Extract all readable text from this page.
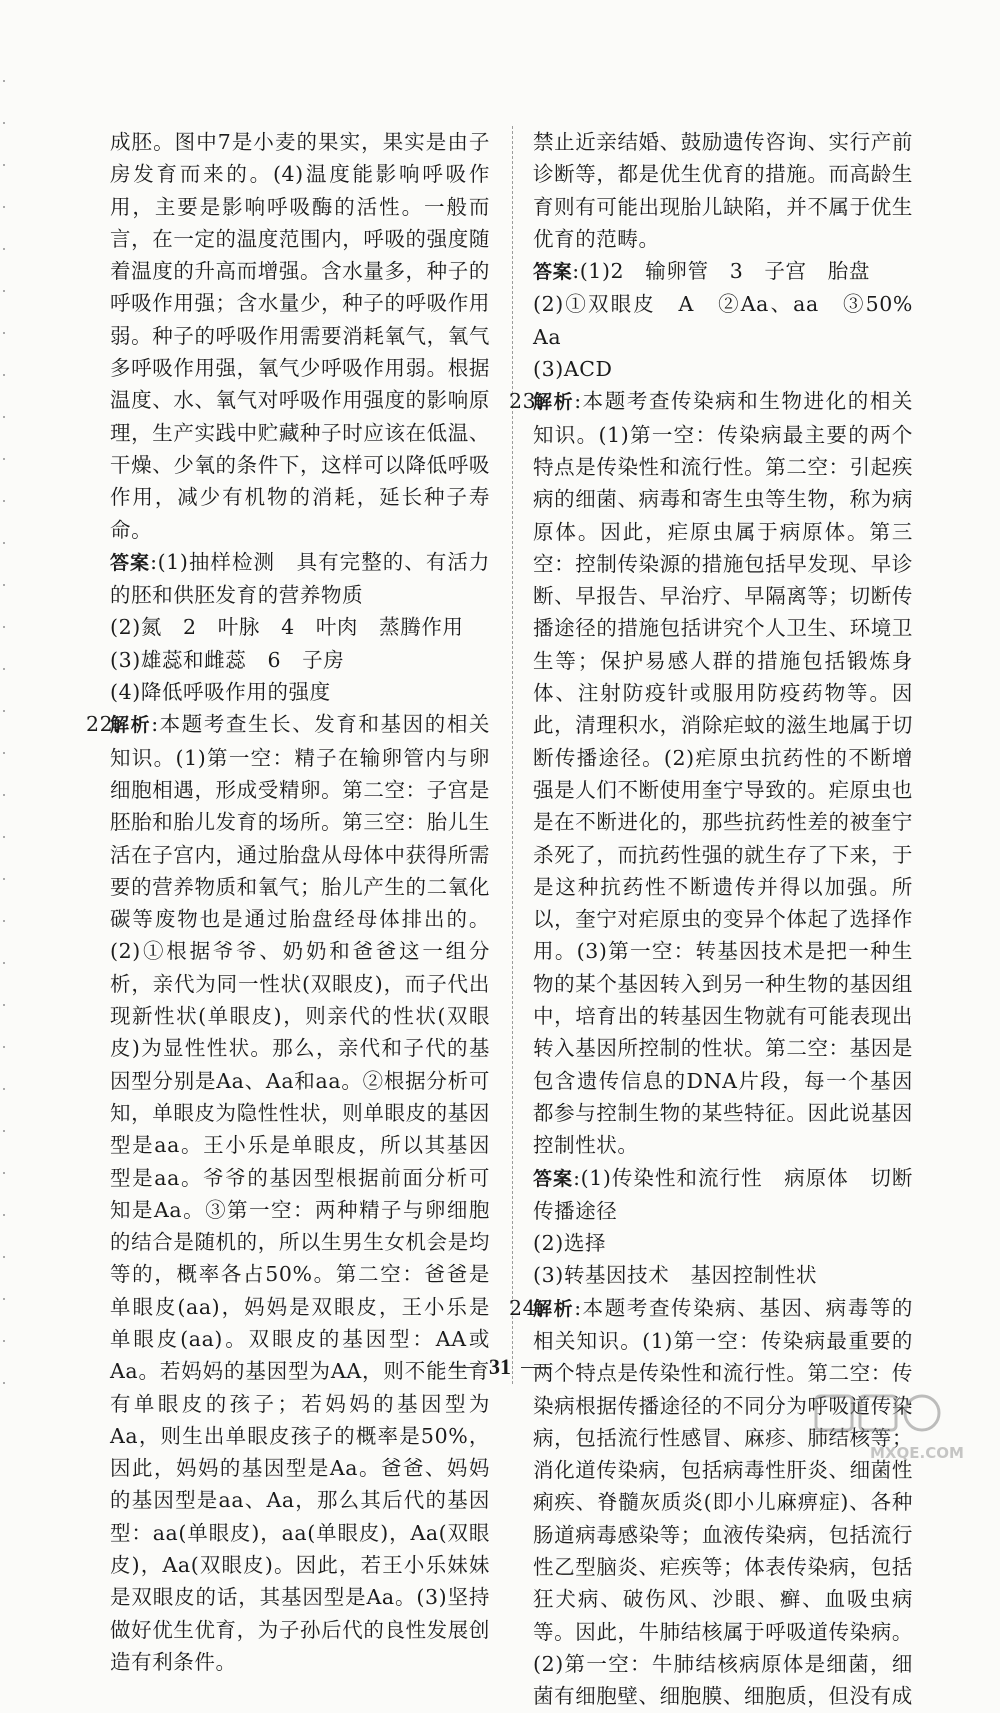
成胚。图中7是小麦的果实，果实是由子房发育而来的。(4)温度能影响呼吸作用，主要是影响呼吸酶的活性。一般而言，在一定的温度范围内，呼吸的强度随着温度的升高而增强。含水量多，种子的呼吸作用强；含水量少，种子的呼吸作用弱。种子的呼吸作用需要消耗氧气，氧气多呼吸作用强，氧气少呼吸作用弱。根据温度、水、氧气对呼吸作用强度的影响原理，生产实践中贮藏种子时应该在低温、干燥、少氧的条件下，这样可以降低呼吸作用，减少有机物的消耗，延长种子寿命。

答案:(1)抽样检测　具有完整的、有活力的胚和供胚发育的营养物质

(2)氮　2　叶脉　4　叶肉　蒸腾作用

(3)雄蕊和雌蕊　6　子房

(4)降低呼吸作用的强度

22.

解析:本题考查生长、发育和基因的相关知识。(1)第一空：精子在输卵管内与卵细胞相遇，形成受精卵。第二空：子宫是胚胎和胎儿发育的场所。第三空：胎儿生活在子宫内，通过胎盘从母体中获得所需要的营养物质和氧气；胎儿产生的二氧化碳等废物也是通过胎盘经母体排出的。(2)①根据爷爷、奶奶和爸爸这一组分析，亲代为同一性状(双眼皮)，而子代出现新性状(单眼皮)，则亲代的性状(双眼皮)为显性性状。那么，亲代和子代的基因型分别是Aa、Aa和aa。②根据分析可知，单眼皮为隐性性状，则单眼皮的基因型是aa。王小乐是单眼皮，所以其基因型是aa。爷爷的基因型根据前面分析可知是Aa。③第一空：两种精子与卵细胞的结合是随机的，所以生男生女机会是均等的，概率各占50%。第二空：爸爸是单眼皮(aa)，妈妈是双眼皮，王小乐是单眼皮(aa)。双眼皮的基因型：AA或Aa。若妈妈的基因型为AA，则不能生育有单眼皮的孩子；若妈妈的基因型为Aa，则生出单眼皮孩子的概率是50%，因此，妈妈的基因型是Aa。爸爸、妈妈的基因型是aa、Aa，那么其后代的基因型：aa(单眼皮)，aa(单眼皮)，Aa(双眼皮)，Aa(双眼皮)。因此，若王小乐妹妹是双眼皮的话，其基因型是Aa。(3)坚持做好优生优育，为子孙后代的良性发展创造有利条件。

禁止近亲结婚、鼓励遗传咨询、实行产前诊断等，都是优生优育的措施。而高龄生育则有可能出现胎儿缺陷，并不属于优生优育的范畴。

答案:(1)2　输卵管　3　子宫　胎盘

(2)①双眼皮　A　②Aa、aa　③50%　Aa

(3)ACD

23.

解析:本题考查传染病和生物进化的相关知识。(1)第一空：传染病最主要的两个特点是传染性和流行性。第二空：引起疾病的细菌、病毒和寄生虫等生物，称为病原体。因此，疟原虫属于病原体。第三空：控制传染源的措施包括早发现、早诊断、早报告、早治疗、早隔离等；切断传播途径的措施包括讲究个人卫生、环境卫生等；保护易感人群的措施包括锻炼身体、注射防疫针或服用防疫药物等。因此，清理积水，消除疟蚊的滋生地属于切断传播途径。(2)疟原虫抗药性的不断增强是人们不断使用奎宁导致的。疟原虫也是在不断进化的，那些抗药性差的被奎宁杀死了，而抗药性强的就生存了下来，于是这种抗药性不断遗传并得以加强。所以，奎宁对疟原虫的变异个体起了选择作用。(3)第一空：转基因技术是把一种生物的某个基因转入到另一种生物的基因组中，培育出的转基因生物就有可能表现出转入基因所控制的性状。第二空：基因是包含遗传信息的DNA片段，每一个基因都参与控制生物的某些特征。因此说基因控制性状。

答案:(1)传染性和流行性　病原体　切断传播途径

(2)选择

(3)转基因技术　基因控制性状

24.

解析:本题考查传染病、基因、病毒等的相关知识。(1)第一空：传染病最重要的两个特点是传染性和流行性。第二空：传染病根据传播途径的不同分为呼吸道传染病，包括流行性感冒、麻疹、肺结核等；消化道传染病，包括病毒性肝炎、细菌性痢疾、脊髓灰质炎(即小儿麻痹症)、各种肠道病毒感染等；血液传染病，包括流行性乙型脑炎、疟疾等；体表传染病，包括狂犬病、破伤风、沙眼、癣、血吸虫病等。因此，牛肺结核属于呼吸道传染病。(2)第一空：牛肺结核病原体是细菌，细菌有细胞壁、细胞膜、细胞质，但没有成

31
MXQE.COM
